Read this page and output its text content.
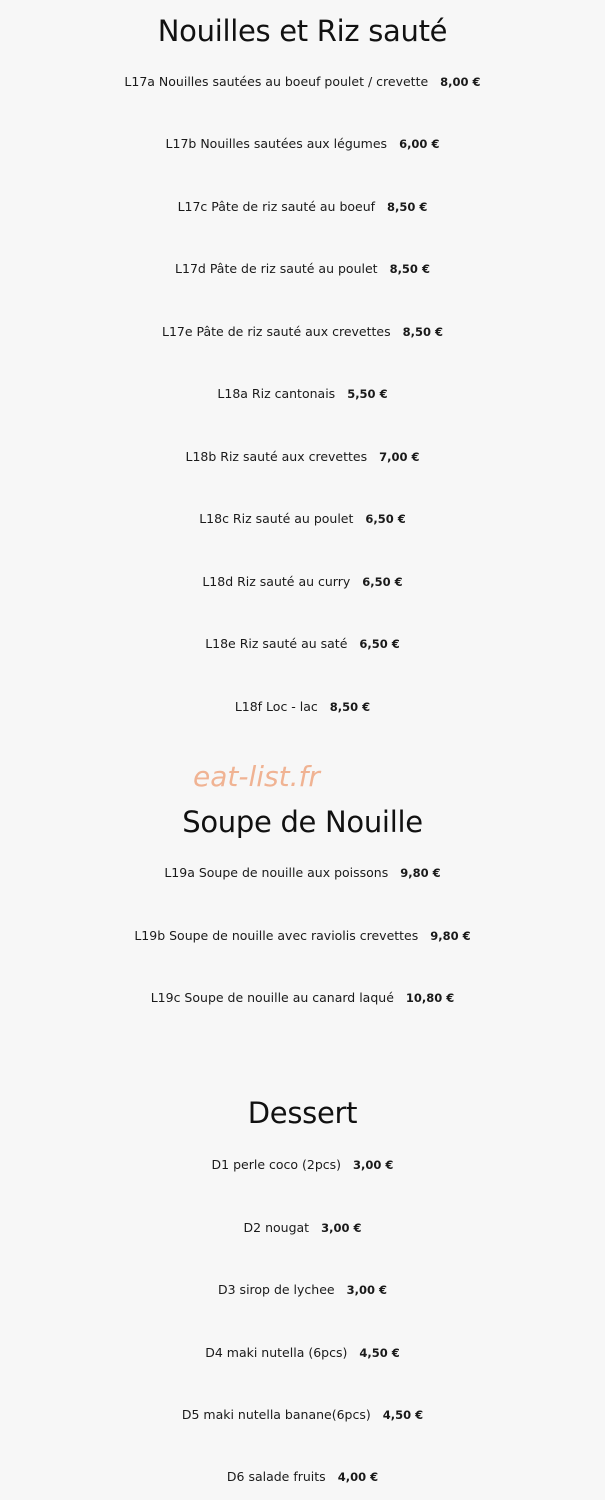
Nouilles et Riz sauté
L17a Nouilles sautées au boeuf poulet / crevette 8,00 €
L17b Nouilles sautées aux légumes 6,00 €
L17c Pâte de riz sauté au boeuf 8,50 €
L17d Pâte de riz sauté au poulet 8,50 €
L17e Pâte de riz sauté aux crevettes 8,50 €
L18a Riz cantonais 5,50 €
L18b Riz sauté aux crevettes 7,00 €
L18c Riz sauté au poulet 6,50 €
L18d Riz sauté au curry 6,50 €
L18e Riz sauté au saté 6,50 €
L18f Loc - lac 8,50 €
eat-list.fr
Soupe de Nouille
L19a Soupe de nouille aux poissons 9,80 €
L19b Soupe de nouille avec raviolis crevettes 9,80 €
L19c Soupe de nouille au canard laqué 10,80 €
Dessert
D1 perle coco (2pcs) 3,00 €
D2 nougat 3,00 €
D3 sirop de lychee 3,00 €
D4 maki nutella (6pcs) 4,50 €
D5 maki nutella banane(6pcs) 4,50 €
D6 salade fruits 4,00 €
